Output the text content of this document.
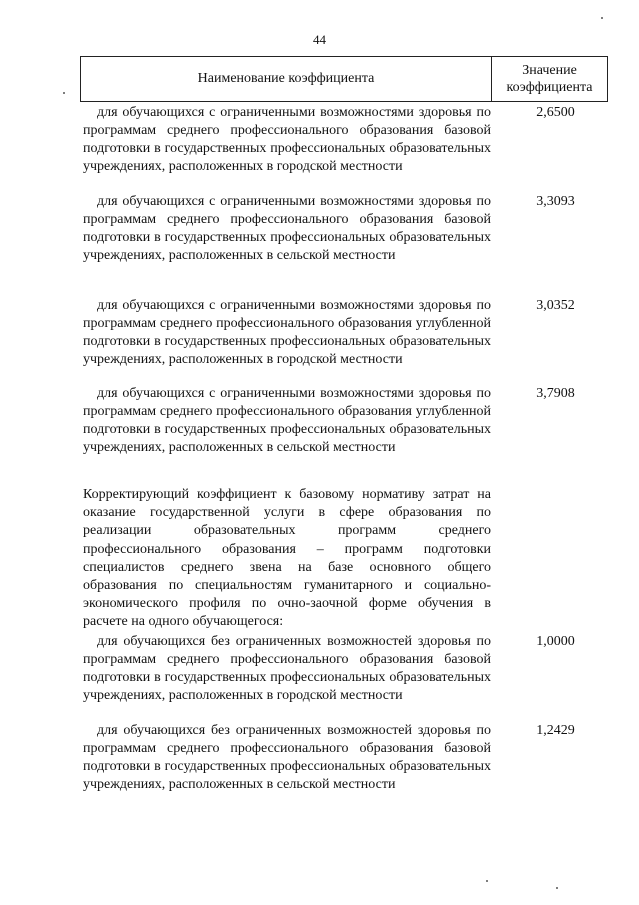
44
Наименование коэффициента
Значение
коэффициента
для обучающихся с ограниченными возможностями здоровья по программам среднего профессионального образования базовой подготовки в государственных профессиональных образовательных учреждениях, расположенных в городской местности
2,6500
для обучающихся с ограниченными возможностями здоровья по программам среднего профессионального образования базовой подготовки в государственных профессиональных образовательных учреждениях, расположенных в сельской местности
3,3093
для обучающихся с ограниченными возможностями здоровья по программам среднего профессионального образования углубленной подготовки в государственных профессиональных образовательных учреждениях, расположенных в городской местности
3,0352
для обучающихся с ограниченными возможностями здоровья по программам среднего профессионального образования углубленной подготовки в государственных профессиональных образовательных учреждениях, расположенных в сельской местности
3,7908
Корректирующий коэффициент к базовому нормативу затрат на оказание государственной услуги в сфере образования по реализации образовательных программ среднего профессионального образования – программ подготовки специалистов среднего звена на базе основного общего образования по специальностям гуманитарного и социально-экономического профиля по очно-заочной форме обучения в расчете на одного обучающегося:
для обучающихся без ограниченных возможностей здоровья по программам среднего профессионального образования базовой подготовки в государственных профессиональных образовательных учреждениях, расположенных в городской местности
1,0000
для обучающихся без ограниченных возможностей здоровья по программам среднего профессионального образования базовой подготовки в государственных профессиональных образовательных учреждениях, расположенных в сельской местности
1,2429
